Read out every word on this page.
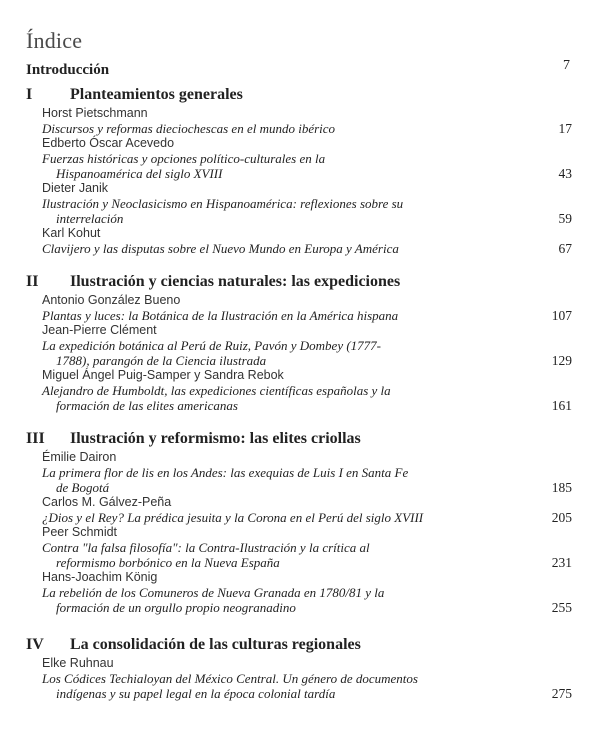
Índice
Introducción	7
I Planteamientos generales
Horst Pietschmann
Discursos y reformas dieciochescas en el mundo ibérico	17
Edberto Óscar Acevedo
Fuerzas históricas y opciones político-culturales en la
Hispanoamérica del siglo XVIII	43
Dieter Janik
Ilustración y Neoclasicismo en Hispanoamérica: reflexiones sobre su
interrelación	59
Karl Kohut
Clavijero y las disputas sobre el Nuevo Mundo en Europa y América	67
II Ilustración y ciencias naturales: las expediciones
Antonio González Bueno
Plantas y luces: la Botánica de la Ilustración en la América hispana	107
Jean-Pierre Clément
La expedición botánica al Perú de Ruiz, Pavón y Dombey (1777-
1788), parangón de la Ciencia ilustrada	129
Miguel Ángel Puig-Samper y Sandra Rebok
Alejandro de Humboldt, las expediciones científicas españolas y la
formación de las elites americanas	161
III Ilustración y reformismo: las elites criollas
Émilie Dairon
La primera flor de lis en los Andes: las exequias de Luis I en Santa Fe
de Bogotá	185
Carlos M. Gálvez-Peña
¿Dios y el Rey? La prédica jesuita y la Corona en el Perú del siglo XVIII	205
Peer Schmidt
Contra "la falsa filosofía": la Contra-Ilustración y la crítica al
reformismo borbónico en la Nueva España	231
Hans-Joachim König
La rebelión de los Comuneros de Nueva Granada en 1780/81 y la
formación de un orgullo propio neogranadino	255
IV La consolidación de las culturas regionales
Elke Ruhnau
Los Códices Techialoyan del México Central. Un género de documentos
indígenas y su papel legal en la época colonial tardía	275
